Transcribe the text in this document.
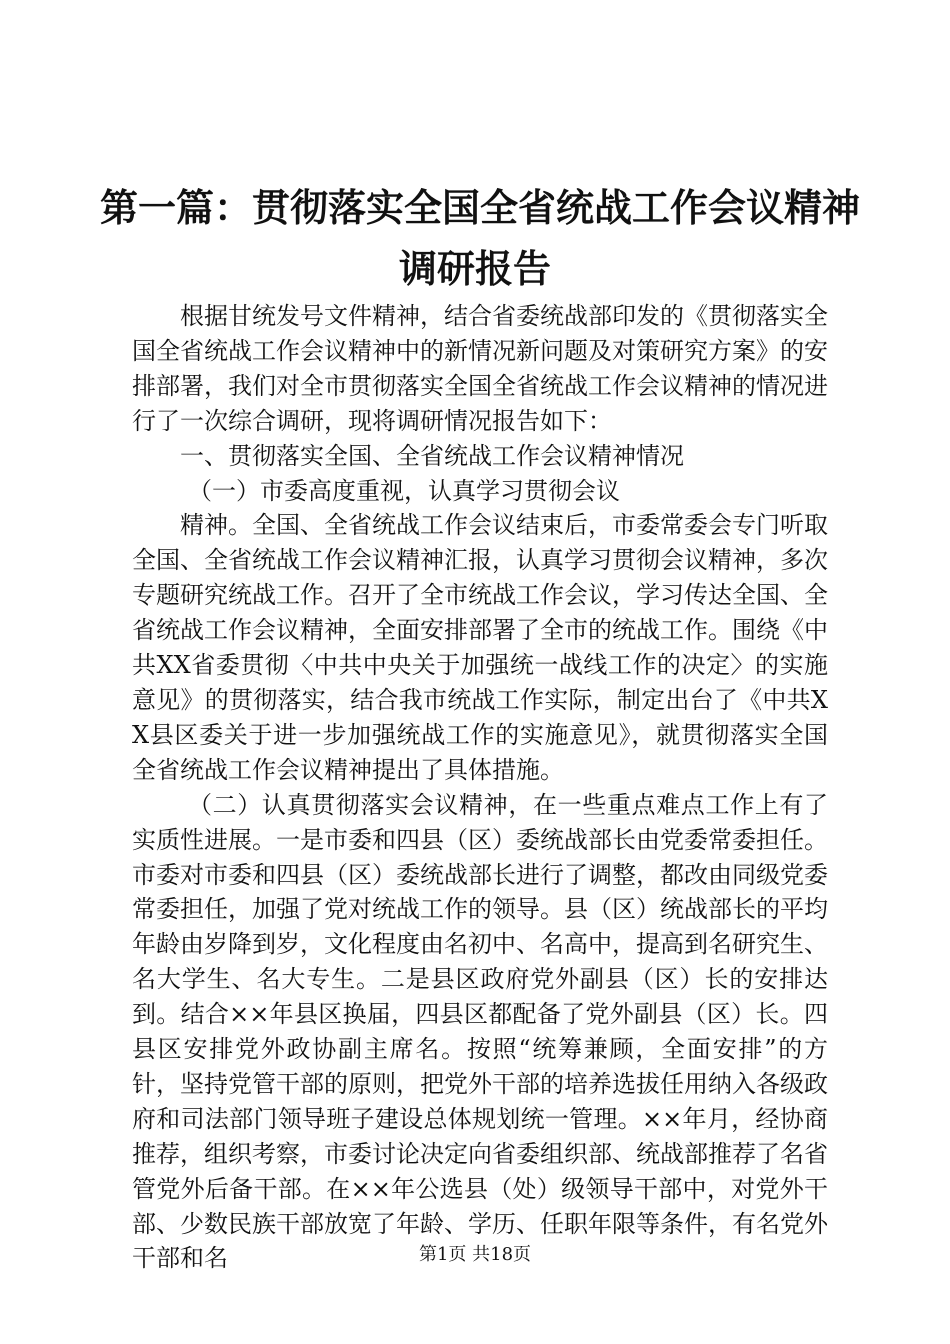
第一篇：贯彻落实全国全省统战工作会议精神
调研报告

根据甘统发号文件精神，结合省委统战部印发的《贯彻落实全国全省统战工作会议精神中的新情况新问题及对策研究方案》的安排部署，我们对全市贯彻落实全国全省统战工作会议精神的情况进行了一次综合调研，现将调研情况报告如下：

一、贯彻落实全国、全省统战工作会议精神情况

（一）市委高度重视，认真学习贯彻会议

精神。全国、全省统战工作会议结束后，市委常委会专门听取全国、全省统战工作会议精神汇报，认真学习贯彻会议精神，多次专题研究统战工作。召开了全市统战工作会议，学习传达全国、全省统战工作会议精神，全面安排部署了全市的统战工作。围绕《中共XX省委贯彻〈中共中央关于加强统一战线工作的决定〉的实施意见》的贯彻落实，结合我市统战工作实际，制定出台了《中共XX县区委关于进一步加强统战工作的实施意见》，就贯彻落实全国全省统战工作会议精神提出了具体措施。

（二）认真贯彻落实会议精神，在一些重点难点工作上有了实质性进展。一是市委和四县（区）委统战部长由党委常委担任。市委对市委和四县（区）委统战部长进行了调整，都改由同级党委常委担任，加强了党对统战工作的领导。县（区）统战部长的平均年龄由岁降到岁，文化程度由名初中、名高中，提高到名研究生、名大学生、名大专生。二是县区政府党外副县（区）长的安排达到。结合××年县区换届，四县区都配备了党外副县（区）长。四县区安排党外政协副主席名。按照“统筹兼顾，全面安排”的方针，坚持党管干部的原则，把党外干部的培养选拔任用纳入各级政府和司法部门领导班子建设总体规划统一管理。××年月，经协商推荐，组织考察，市委讨论决定向省委组织部、统战部推荐了名省管党外后备干部。在××年公选县（处）级领导干部中，对党外干部、少数民族干部放宽了年龄、学历、任职年限等条件，有名党外干部和名	第1页 共18页
